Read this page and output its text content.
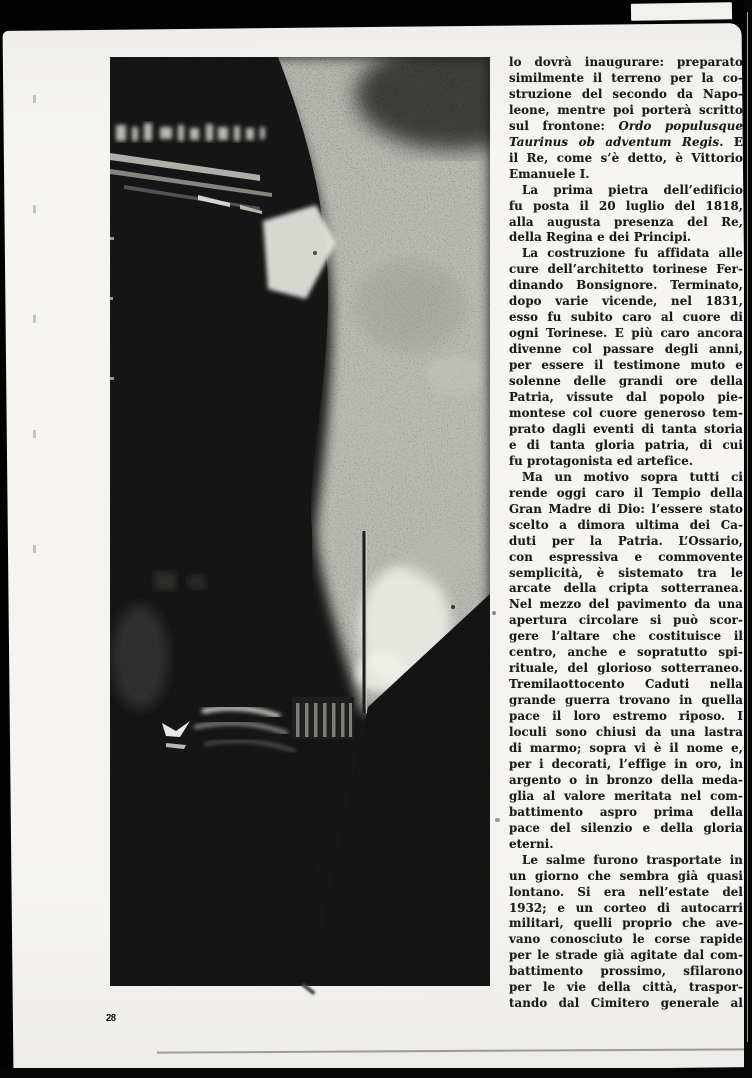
lo dovrà inaugurare: preparato
similmente il terreno per la co-
struzione del secondo da Napo-
leone, mentre poi porterà scritto
sul frontone: Ordo populusque
Taurinus ob adventum Regis. E
il Re, come s’è detto, è Vittorio
Emanuele I.
La prima pietra dell’edificio
fu posta il 20 luglio del 1818,
alla augusta presenza del Re,
della Regina e dei Principi.
La costruzione fu affidata alle
cure dell’architetto torinese Fer-
dinando Bonsignore. Terminato,
dopo varie vicende, nel 1831,
esso fu subito caro al cuore di
ogni Torinese. E più caro ancora
divenne col passare degli anni,
per essere il testimone muto e
solenne delle grandi ore della
Patria, vissute dal popolo pie-
montese col cuore generoso tem-
prato dagli eventi di tanta storia
e di tanta gloria patria, di cui
fu protagonista ed artefice.
Ma un motivo sopra tutti ci
rende oggi caro il Tempio della
Gran Madre di Dio: l’essere stato
scelto a dimora ultima dei Ca-
duti per la Patria. L’Ossario,
con espressiva e commovente
semplicità, è sistemato tra le
arcate della cripta sotterranea.
Nel mezzo del pavimento da una
apertura circolare si può scor-
gere l’altare che costituisce il
centro, anche e sopratutto spi-
rituale, del glorioso sotterraneo.
Tremilaottocento Caduti nella
grande guerra trovano in quella
pace il loro estremo riposo. I
loculi sono chiusi da una lastra
di marmo; sopra vi è il nome e,
per i decorati, l’effige in oro, in
argento o in bronzo della meda-
glia al valore meritata nel com-
battimento aspro prima della
pace del silenzio e della gloria
eterni.
Le salme furono trasportate in
un giorno che sembra già quasi
lontano. Si era nell’estate del
1932; e un corteo di autocarri
militari, quelli proprio che ave-
vano conosciuto le corse rapide
per le strade già agitate dal com-
battimento prossimo, sfilarono
per le vie della città, traspor-
tando dal Cimitero generale al
28
